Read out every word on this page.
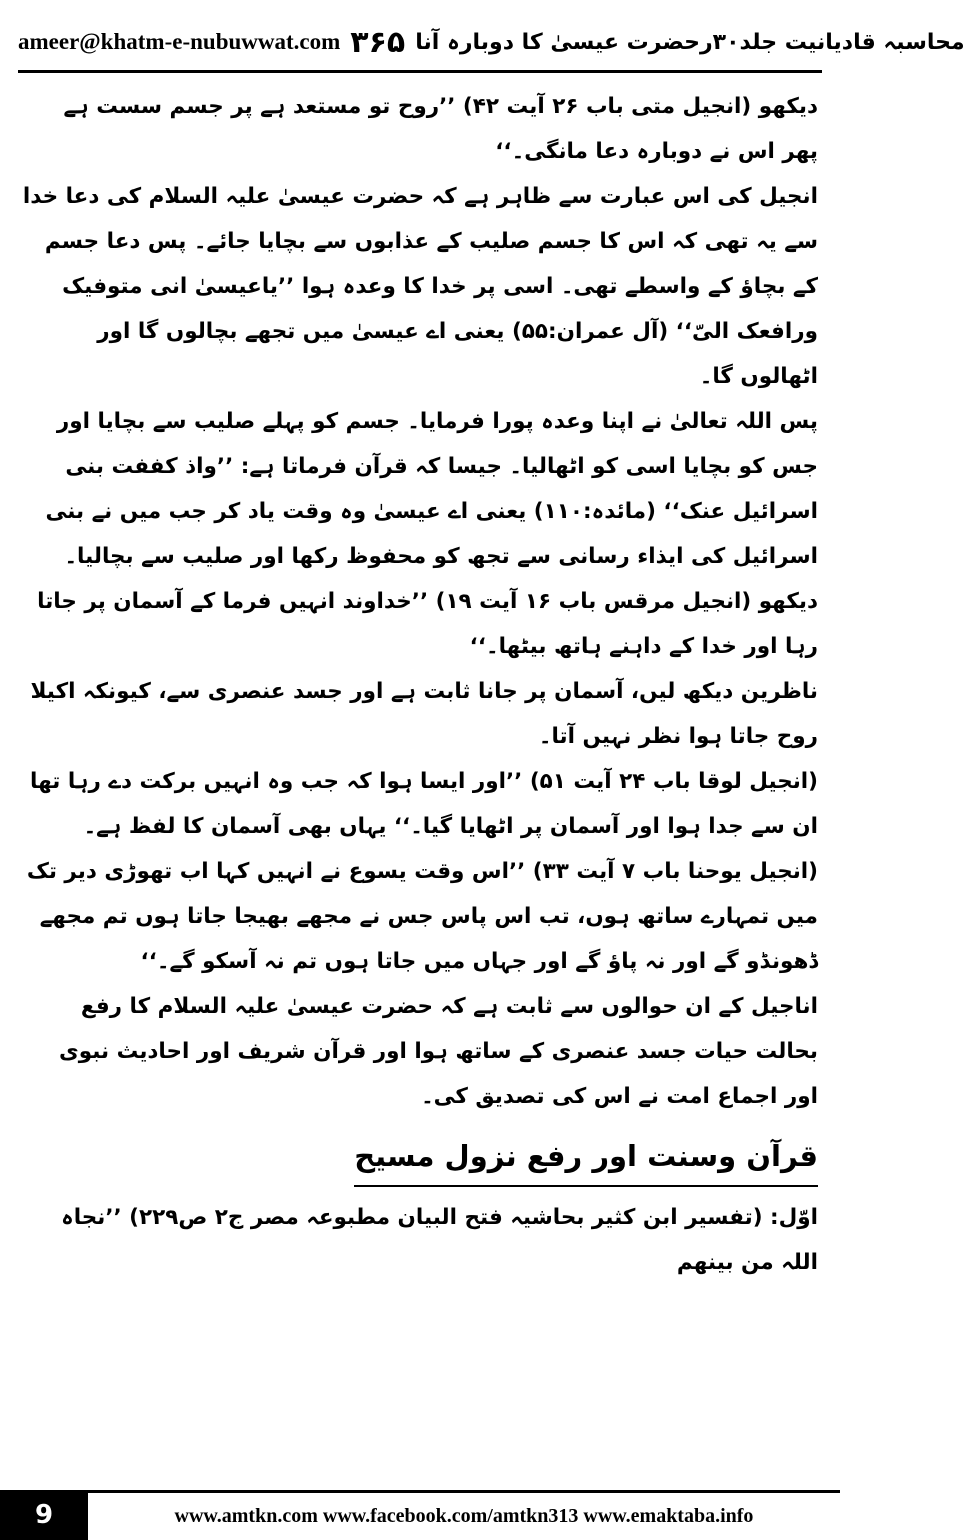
ameer@khatm-e-nubuwwat.com ۳۶۵ محاسبہ قادیانیت جلد۳۰رحضرت عیسیٰ کا دوبارہ آنا

دیکھو (انجیل متی باب ۲۶ آیت ۴۲) ’’روح تو مستعد ہے پر جسم سست ہے پھر اس نے دوبارہ دعا مانگی۔‘‘

انجیل کی اس عبارت سے ظاہر ہے کہ حضرت عیسیٰ علیہ السلام کی دعا خدا سے یہ تھی کہ اس کا جسم صلیب کے عذابوں سے بچایا جائے۔ پس دعا جسم کے بچاؤ کے واسطے تھی۔ اسی پر خدا کا وعدہ ہوا ’’یاعیسیٰ انی متوفیک ورافعک الیّ‘‘ (آل عمران:۵۵) یعنی اے عیسیٰ میں تجھے بچالوں گا اور اٹھالوں گا۔

پس اللہ تعالیٰ نے اپنا وعدہ پورا فرمایا۔ جسم کو پہلے صلیب سے بچایا اور جس کو بچایا اسی کو اٹھالیا۔ جیسا کہ قرآن فرماتا ہے: ’’واذ کففت بنی اسرائیل عنک‘‘ (مائدہ:۱۱۰) یعنی اے عیسیٰ وہ وقت یاد کر جب میں نے بنی اسرائیل کی ایذاء رسانی سے تجھ کو محفوظ رکھا اور صلیب سے بچالیا۔

دیکھو (انجیل مرقس باب ۱۶ آیت ۱۹) ’’خداوند انہیں فرما کے آسمان پر جاتا رہا اور خدا کے داہنے ہاتھ بیٹھا۔‘‘

ناظرین دیکھ لیں، آسمان پر جانا ثابت ہے اور جسد عنصری سے، کیونکہ اکیلا روح جاتا ہوا نظر نہیں آتا۔

(انجیل لوقا باب ۲۴ آیت ۵۱) ’’اور ایسا ہوا کہ جب وہ انہیں برکت دے رہا تھا ان سے جدا ہوا اور آسمان پر اٹھایا گیا۔‘‘ یہاں بھی آسمان کا لفظ ہے۔

(انجیل یوحنا باب ۷ آیت ۳۳) ’’اس وقت یسوع نے انہیں کہا اب تھوڑی دیر تک میں تمہارے ساتھ ہوں، تب اس پاس جس نے مجھے بھیجا جاتا ہوں تم مجھے ڈھونڈو گے اور نہ پاؤ گے اور جہاں میں جاتا ہوں تم نہ آسکو گے۔‘‘

اناجیل کے ان حوالوں سے ثابت ہے کہ حضرت عیسیٰ علیہ السلام کا رفع بحالت حیات جسد عنصری کے ساتھ ہوا اور قرآن شریف اور احادیث نبوی اور اجماع امت نے اس کی تصدیق کی۔

قرآن وسنت اور رفع نزول مسیح

اوّل: (تفسیر ابن کثیر بحاشیہ فتح البیان مطبوعہ مصر ج۲ ص۲۲۹) ’’نجاہ اللہ من بینھم

9	www.amtkn.com www.facebook.com/amtkn313 www.emaktaba.info
